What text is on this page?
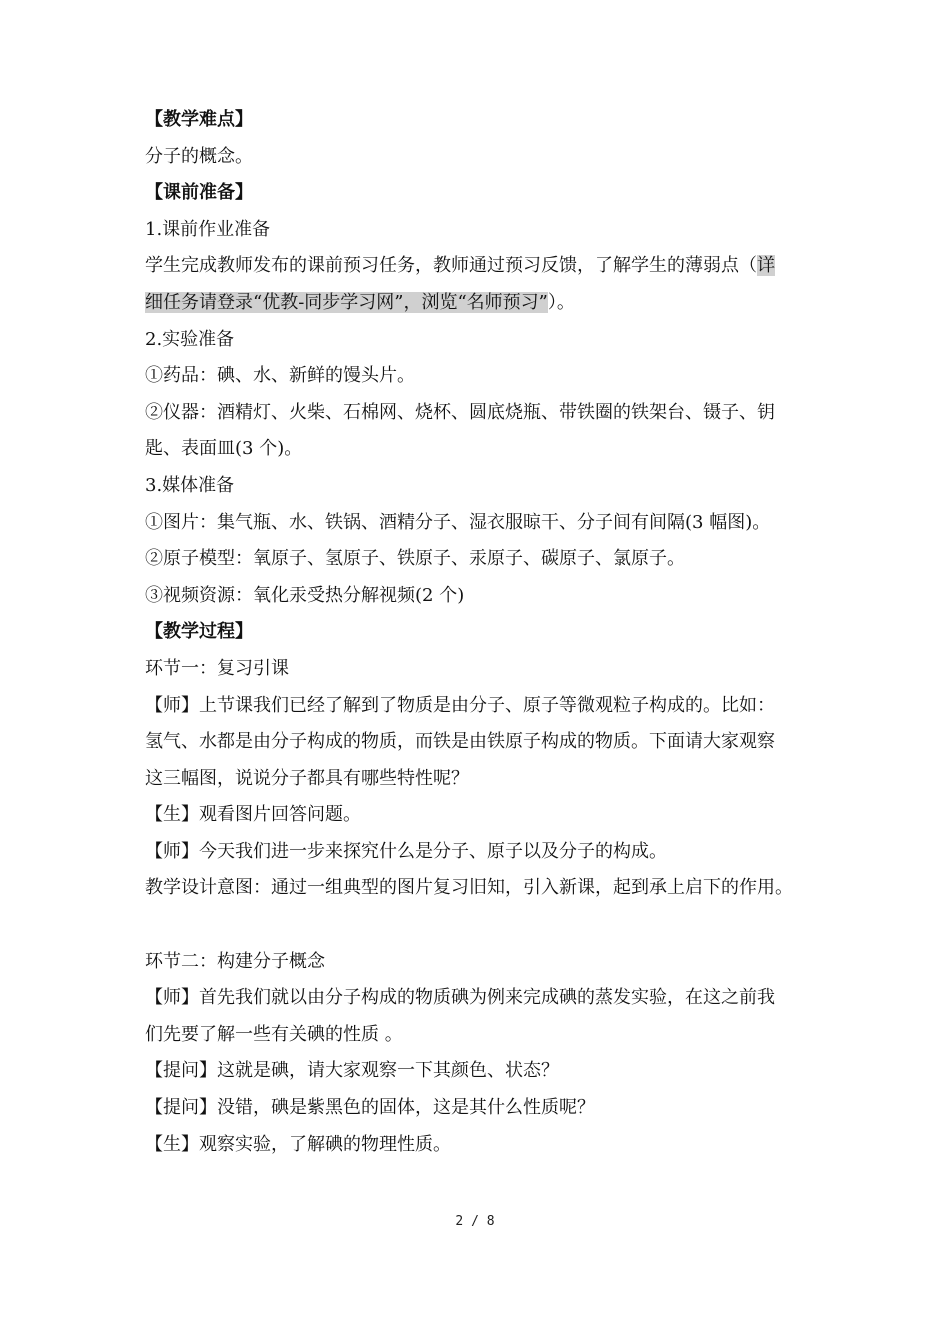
【教学难点】
分子的概念。
【课前准备】
1.课前作业准备
学生完成教师发布的课前预习任务，教师通过预习反馈，了解学生的薄弱点（详
细任务请登录“优教-同步学习网”，浏览“名师预习”）。
2.实验准备
①药品：碘、水、新鲜的馒头片。
②仪器：酒精灯、火柴、石棉网、烧杯、圆底烧瓶、带铁圈的铁架台、镊子、钥
匙、表面皿(3 个)。
3.媒体准备
①图片：集气瓶、水、铁锅、酒精分子、湿衣服晾干、分子间有间隔(3 幅图)。
②原子模型：氧原子、氢原子、铁原子、汞原子、碳原子、氯原子。
③视频资源：氧化汞受热分解视频(2 个)
【教学过程】
环节一：复习引课
【师】上节课我们已经了解到了物质是由分子、原子等微观粒子构成的。比如：
氢气、水都是由分子构成的物质，而铁是由铁原子构成的物质。下面请大家观察
这三幅图，说说分子都具有哪些特性呢？
【生】观看图片回答问题。
【师】今天我们进一步来探究什么是分子、原子以及分子的构成。
教学设计意图：通过一组典型的图片复习旧知，引入新课，起到承上启下的作用。
环节二：构建分子概念
【师】首先我们就以由分子构成的物质碘为例来完成碘的蒸发实验，在这之前我
们先要了解一些有关碘的性质 。
【提问】这就是碘，请大家观察一下其颜色、状态？
【提问】没错，碘是紫黑色的固体，这是其什么性质呢？
【生】观察实验，了解碘的物理性质。
2 / 8
